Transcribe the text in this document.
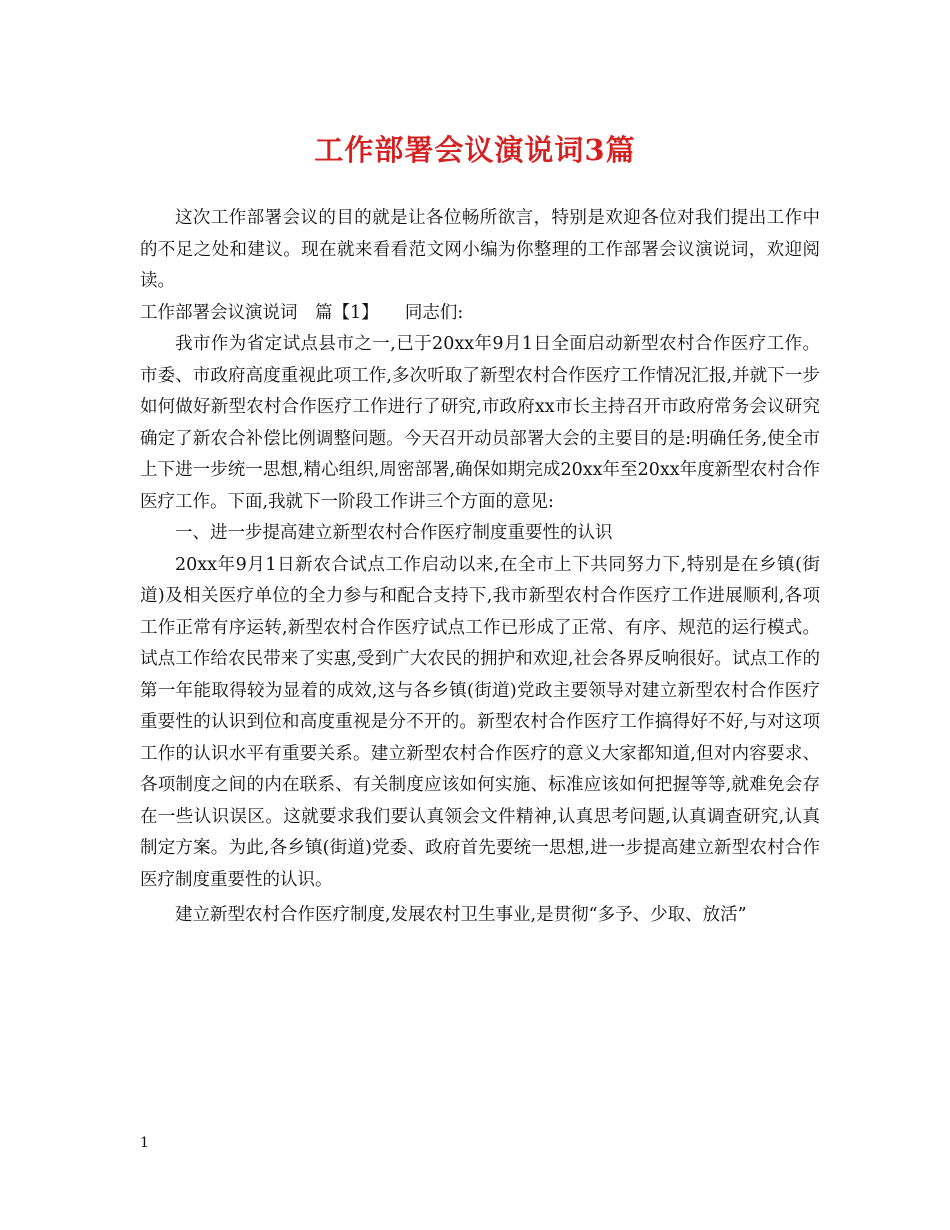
工作部署会议演说词3篇

这次工作部署会议的目的就是让各位畅所欲言，特别是欢迎各位对我们提出工作中的不足之处和建议。现在就来看看范文网小编为你整理的工作部署会议演说词，欢迎阅读。

工作部署会议演说词　篇【1】　　同志们:

我市作为省定试点县市之一,已于20xx年9月1日全面启动新型农村合作医疗工作。市委、市政府高度重视此项工作,多次听取了新型农村合作医疗工作情况汇报,并就下一步如何做好新型农村合作医疗工作进行了研究,市政府xx市长主持召开市政府常务会议研究确定了新农合补偿比例调整问题。今天召开动员部署大会的主要目的是:明确任务,使全市上下进一步统一思想,精心组织,周密部署,确保如期完成20xx年至20xx年度新型农村合作医疗工作。下面,我就下一阶段工作讲三个方面的意见:

一、进一步提高建立新型农村合作医疗制度重要性的认识

20xx年9月1日新农合试点工作启动以来,在全市上下共同努力下,特别是在乡镇(街道)及相关医疗单位的全力参与和配合支持下,我市新型农村合作医疗工作进展顺利,各项工作正常有序运转,新型农村合作医疗试点工作已形成了正常、有序、规范的运行模式。试点工作给农民带来了实惠,受到广大农民的拥护和欢迎,社会各界反响很好。试点工作的第一年能取得较为显着的成效,这与各乡镇(街道)党政主要领导对建立新型农村合作医疗重要性的认识到位和高度重视是分不开的。新型农村合作医疗工作搞得好不好,与对这项工作的认识水平有重要关系。建立新型农村合作医疗的意义大家都知道,但对内容要求、各项制度之间的内在联系、有关制度应该如何实施、标准应该如何把握等等,就难免会存在一些认识误区。这就要求我们要认真领会文件精神,认真思考问题,认真调查研究,认真制定方案。为此,各乡镇(街道)党委、政府首先要统一思想,进一步提高建立新型农村合作医疗制度重要性的认识。

建立新型农村合作医疗制度,发展农村卫生事业,是贯彻“多予、少取、放活”

1
